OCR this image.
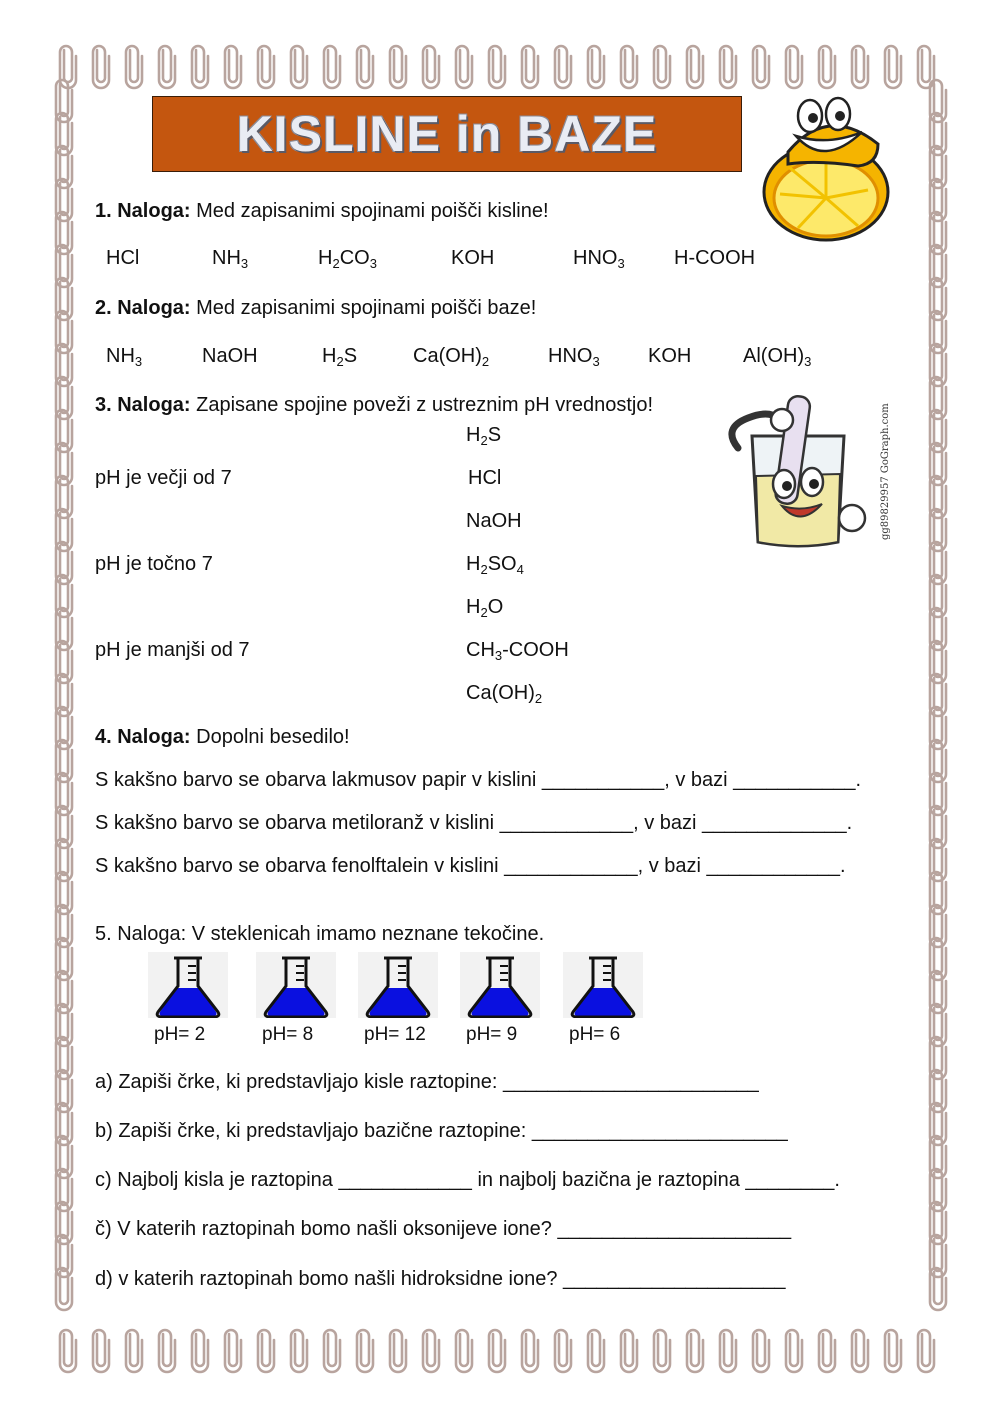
KISLINE in BAZE
1. Naloga: Med zapisanimi spojinami poišči kisline!
HCl	$NH_3$	$H_2CO_3$	KOH	$HNO_3$ H-COOH
2. Naloga: Med zapisanimi spojinami poišči baze!
$NH_3$	NaOH	$H_2S$	$Ca(OH)_2$	$HNO_3$ KOH	$Al(OH)_3$
3. Naloga: Zapisane spojine poveži z ustreznim pH vrednostjo!
pH je večji od 7
pH je točno 7
pH je manjši od 7
$H_2S$
HCl
NaOH
$H_2SO_4$
$H_2O$
$CH_3$-COOH
$Ca(OH)_2$
gg89829957 GoGraph.com
4. Naloga: Dopolni besedilo!
S kakšno barvo se obarva lakmusov papir v kislini ___________, v bazi ___________.
S kakšno barvo se obarva metiloranž v kislini ____________, v bazi _____________.
S kakšno barvo se obarva fenolftalein v kislini ____________, v bazi ____________.
5. Naloga: V steklenicah imamo neznane tekočine.
pH= 2	pH= 8	pH= 12 pH= 9	pH= 6
a) Zapiši črke, ki predstavljajo kisle raztopine: _______________________
b) Zapiši črke, ki predstavljajo bazične raztopine: _______________________
c) Najbolj kisla je raztopina ____________ in najbolj bazična je raztopina ________.
č) V katerih raztopinah bomo našli oksonijeve ione? _____________________
d) v katerih raztopinah bomo našli hidroksidne ione? ____________________
